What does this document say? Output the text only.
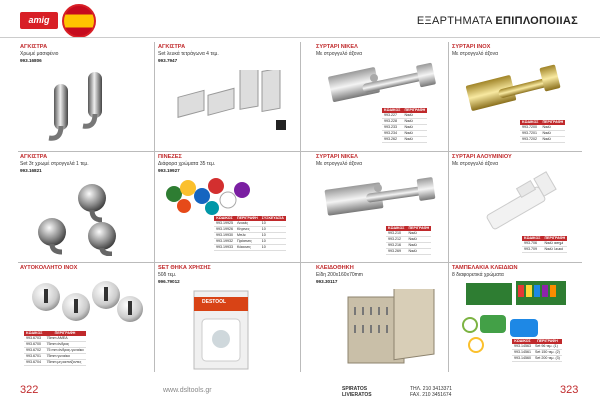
amig	ΕΞΑΡΤΗΜΑΤΑ ΕΠΙΠΛΟΠΟΙΙΑΣ
ΑΓΚΙΣΤΡΑ
Χρωμέ μασιφένιο
993.16806
ΑΓΚΙΣΤΡΑ
Set λευκά τετράγωνα 4 τεμ.
993.7947
ΣΥΡΤΑΡΙ ΝΙΚΕΛ
Με στρογγυλό άξονα
ΚΩΔΙΚΟΣ	ΠΕΡΙΓΡΑΦΗ
993.227	Νικέλ
993.228	Νικέλ
993.233	Νικέλ
993.234	Νικέλ
993.262	Νικέλ
ΣΥΡΤΑΡΙ INOX
Με στρογγυλό άξονα
ΚΩΔΙΚΟΣ	ΠΕΡΙΓΡΑΦΗ
993.7200	Νικέλ
993.7201	Νικέλ
993.7202	Νικέλ
ΑΓΚΙΣΤΡΑ
Set 3τ χρωμέ στρογγυλά 1 τεμ.
993.16821
ΠΙΝΕΖΕΣ
Διάφορα χρώματα 35 τεμ.
993.19927
ΚΩΔΙΚΟΣ	ΠΕΡΙΓΡΑΦΗ	ΣΥΣΚΕΥΑΣΙΑ
993.19925	Λευκές	10
993.19926	Κίτρινες	10
993.19930	Μπλε	10
993.19932	Πράσινες	10
993.19933	Κόκκινες	10
ΣΥΡΤΑΡΙ ΝΙΚΕΛ
Με στρογγυλό άξονα
ΚΩΔΙΚΟΣ	ΠΕΡΙΓΡΑΦΗ
993.210	Νικέλ
993.212	Νικέλ
993.216	Νικέλ
993.269	Νικέλ
ΣΥΡΤΑΡΙ ΑΛΟΥΜΙΝΙΟΥ
Με στρογγυλό άξονα
ΚΩΔΙΚΟΣ	ΠΕΡΙΓΡΑΦΗ
993.706	Νικέλ ασημί
993.709	Νικέλ λευκό
ΑΥΤΟΚΟΛΛΗΤΟ INOX
ΚΩΔΙΚΟΣ	ΠΕΡΙΓΡΑΦΗ
993.6703	75mm ΑΜΕΑ
993.6700	75mm άνδρας
993.6702	75 mm άνδρας-γυναίκα
993.6701	75mm γυναίκα
993.6704	75mm μη καπνίζοντες
SET ΘΗΚΑ ΧΡΗΣΗΣ
50δ τεμ.
996.79012
DESTOOL
ΚΛΕΙΔΟΘΗΚΗ
Είδη 200x160x70mm
993.30117
ΤΑΜΠΕΛΑΚΙΑ ΚΛΕΙΔΙΩΝ
8 διαφορετικά χρώματα
ΚΩΔΙΚΟΣ	ΠΕΡΙΓΡΑΦΗ
993.14563	Set 96 τεμ. (1)
993.14561	Set 150 τεμ. (2)
993.14560	Set 200 τεμ. (3)
322	www.dsltools.gr	SPIRATOS
LIVIERATOS
ΤΗΛ. 210 3413371
FAX. 210 3451674	323
